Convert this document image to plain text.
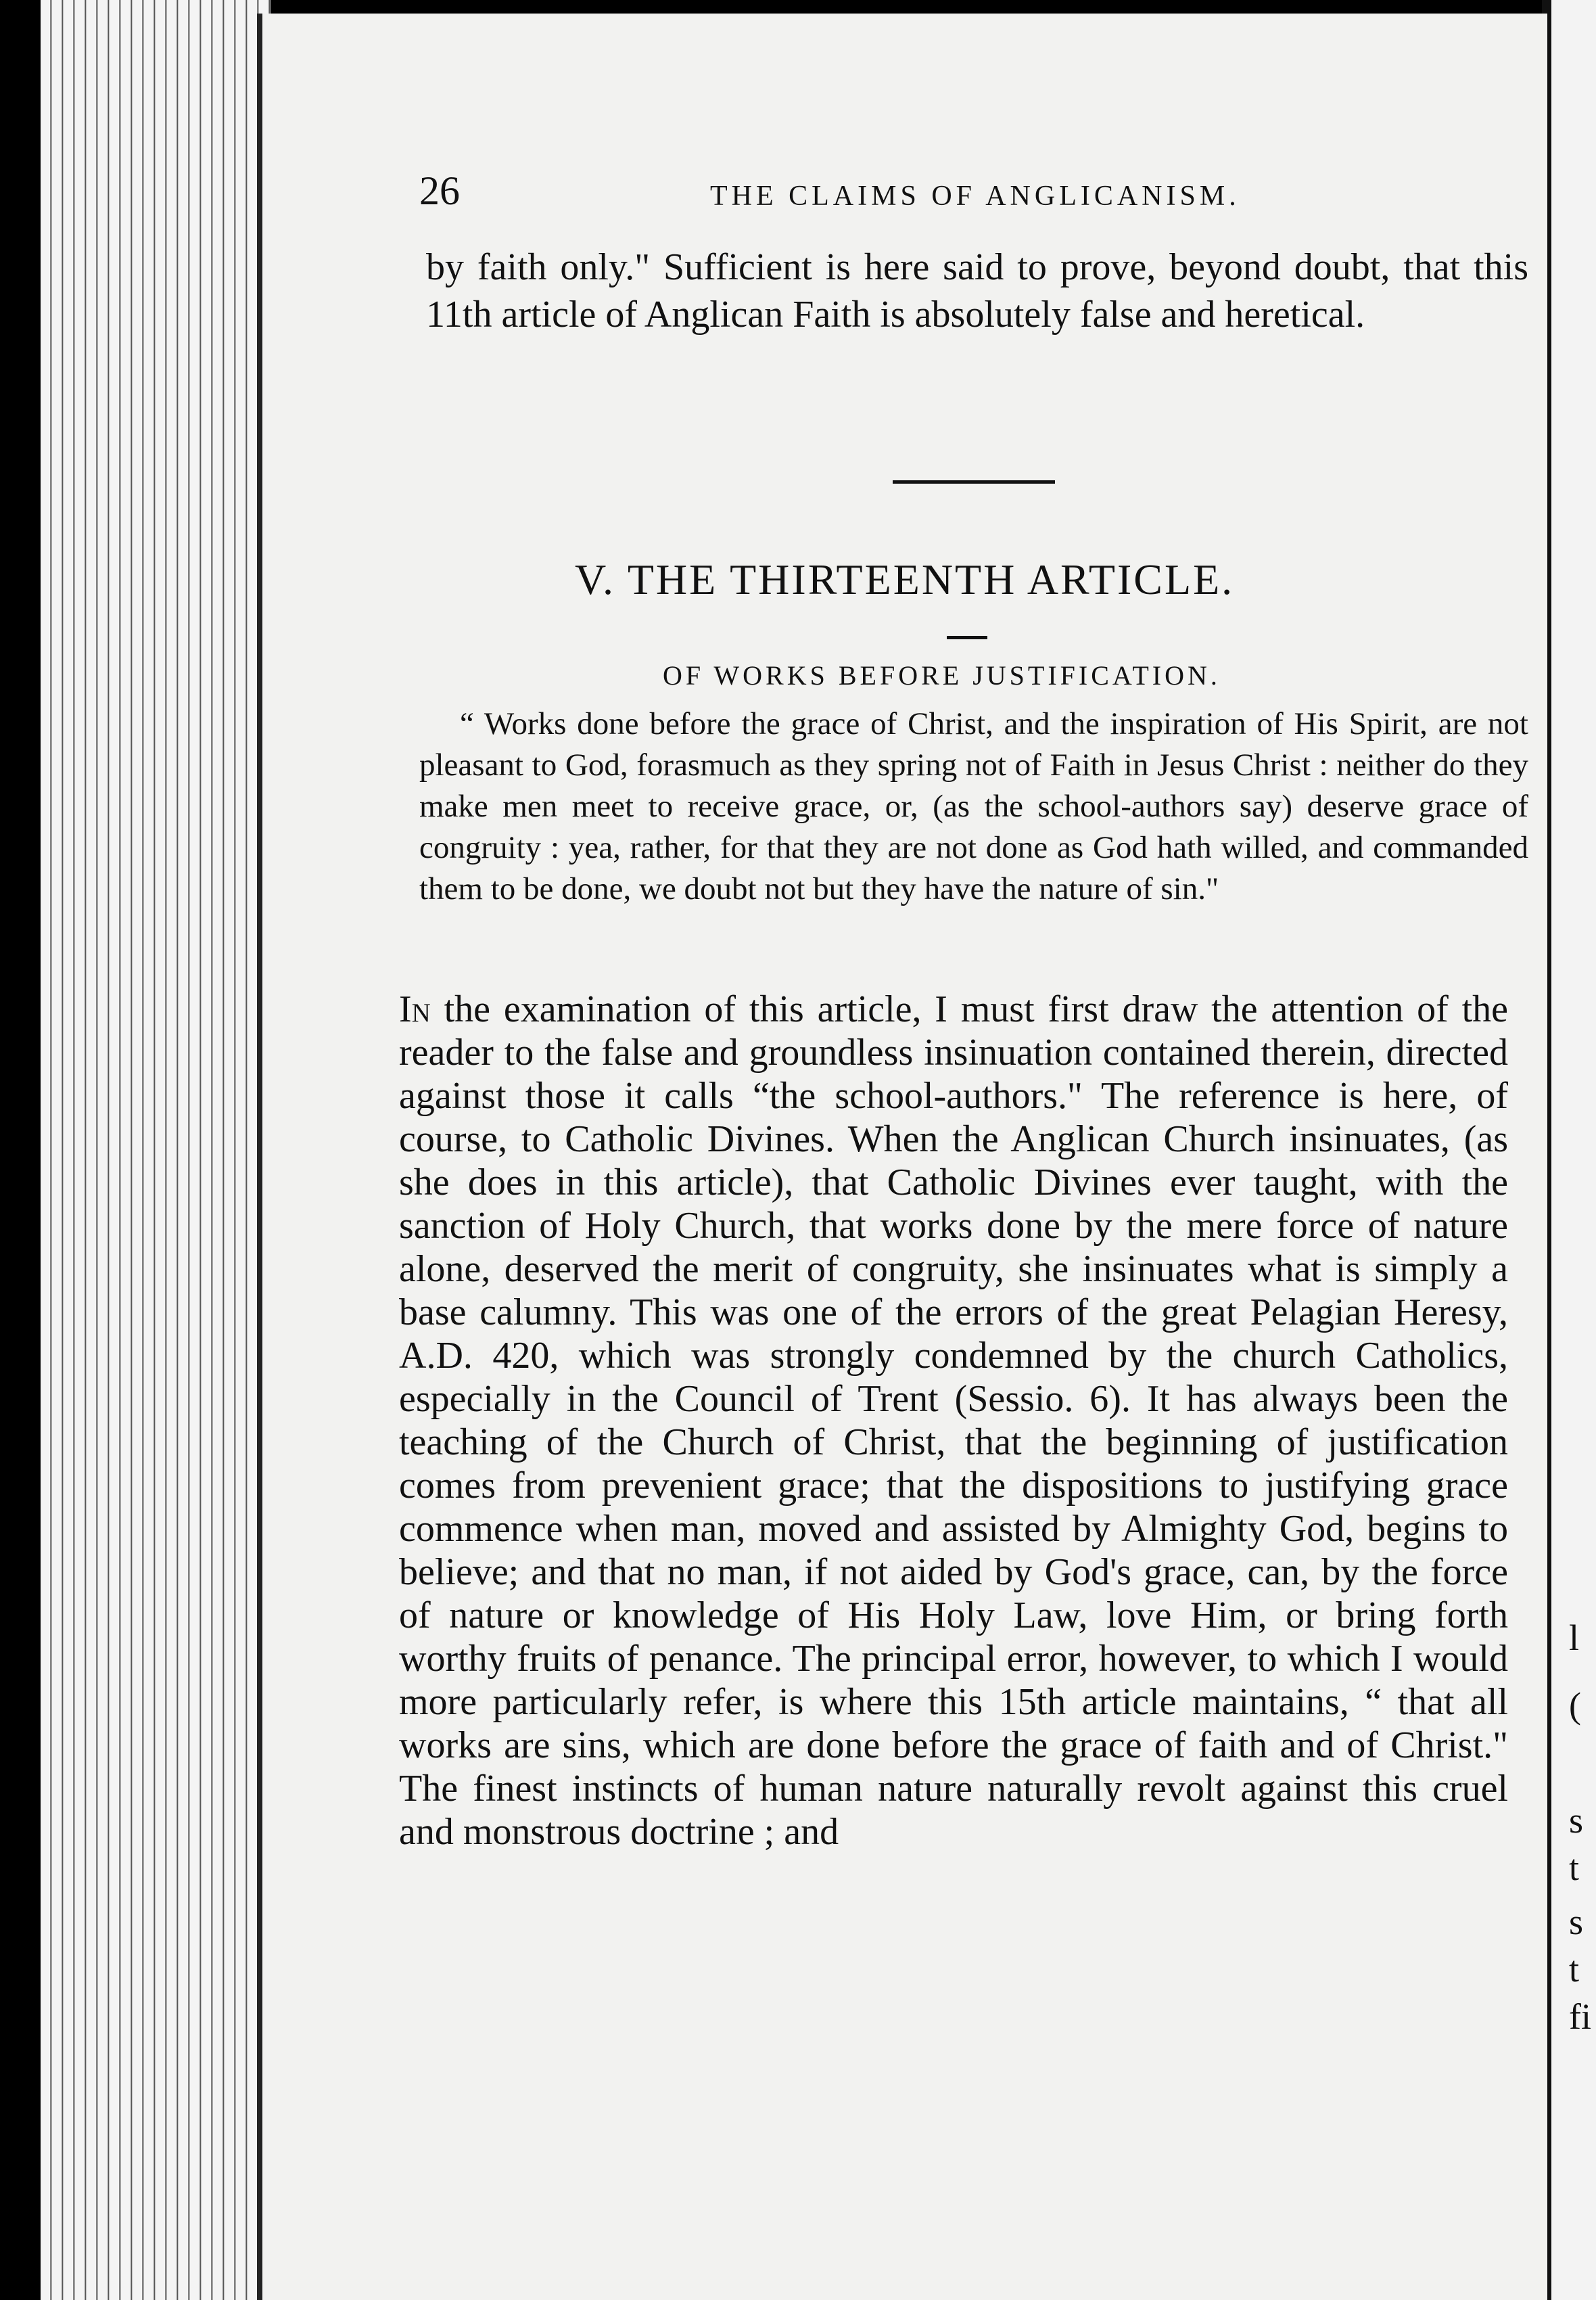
l
(
s
t
s
t
fi
26	THE CLAIMS OF ANGLICANISM.

by faith only." Sufficient is here said to prove, beyond doubt, that this 11th article of Anglican Faith is absolutely false and heretical.

V. THE THIRTEENTH ARTICLE.
OF WORKS BEFORE JUSTIFICATION.

“ Works done before the grace of Christ, and the inspiration of His Spirit, are not pleasant to God, forasmuch as they spring not of Faith in Jesus Christ : neither do they make men meet to receive grace, or, (as the school-authors say) deserve grace of congruity : yea, rather, for that they are not done as God hath willed, and commanded them to be done, we doubt not but they have the nature of sin."

In the examination of this article, I must first draw the attention of the reader to the false and groundless insinuation contained therein, directed against those it calls “the school-authors." The reference is here, of course, to Catholic Divines. When the Anglican Church insinuates, (as she does in this article), that Catholic Divines ever taught, with the sanction of Holy Church, that works done by the mere force of nature alone, deserved the merit of congruity, she insinuates what is simply a base calumny. This was one of the errors of the great Pelagian Heresy, A.D. 420, which was strongly condemned by the church Catholics, especially in the Council of Trent (Sessio. 6). It has always been the teaching of the Church of Christ, that the beginning of justification comes from prevenient grace; that the dispositions to justifying grace commence when man, moved and assisted by Almighty God, begins to believe; and that no man, if not aided by God's grace, can, by the force of nature or knowledge of His Holy Law, love Him, or bring forth worthy fruits of penance. The principal error, however, to which I would more particularly refer, is where this 15th article maintains, “ that all works are sins, which are done before the grace of faith and of Christ." The finest instincts of human nature naturally revolt against this cruel and monstrous doctrine ; and
